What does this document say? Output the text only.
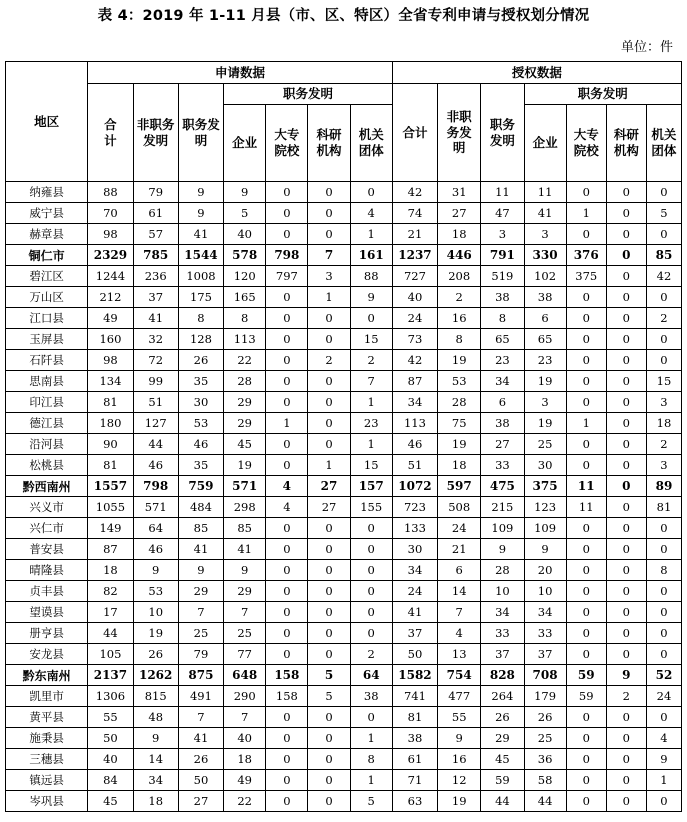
表 4：2019 年 1-11 月县（市、区、特区）全省专利申请与授权划分情况
单位：件
地区	申请数据							授权数据						

	合计	非职务发明	职务发明	职务发明				合计	非职务发明	职务发明	职务发明			

				企业	大专院校	科研机构	机关团体				企业	大专院校	科研机构	机关团体

纳雍县	88	79	9	9	0	0	0	42	31	11	11	0	0	0
威宁县	70	61	9	5	0	0	4	74	27	47	41	1	0	5
赫章县	98	57	41	40	0	0	1	21	18	3	3	0	0	0
铜仁市	2329	785	1544	578	798	7	161	1237	446	791	330	376	0	85
碧江区	1244	236	1008	120	797	3	88	727	208	519	102	375	0	42
万山区	212	37	175	165	0	1	9	40	2	38	38	0	0	0
江口县	49	41	8	8	0	0	0	24	16	8	6	0	0	2
玉屏县	160	32	128	113	0	0	15	73	8	65	65	0	0	0
石阡县	98	72	26	22	0	2	2	42	19	23	23	0	0	0
思南县	134	99	35	28	0	0	7	87	53	34	19	0	0	15
印江县	81	51	30	29	0	0	1	34	28	6	3	0	0	3
德江县	180	127	53	29	1	0	23	113	75	38	19	1	0	18
沿河县	90	44	46	45	0	0	1	46	19	27	25	0	0	2
松桃县	81	46	35	19	0	1	15	51	18	33	30	0	0	3
黔西南州	1557	798	759	571	4	27	157	1072	597	475	375	11	0	89
兴义市	1055	571	484	298	4	27	155	723	508	215	123	11	0	81
兴仁市	149	64	85	85	0	0	0	133	24	109	109	0	0	0
普安县	87	46	41	41	0	0	0	30	21	9	9	0	0	0
晴隆县	18	9	9	9	0	0	0	34	6	28	20	0	0	8
贞丰县	82	53	29	29	0	0	0	24	14	10	10	0	0	0
望谟县	17	10	7	7	0	0	0	41	7	34	34	0	0	0
册亨县	44	19	25	25	0	0	0	37	4	33	33	0	0	0
安龙县	105	26	79	77	0	0	2	50	13	37	37	0	0	0
黔东南州	2137	1262	875	648	158	5	64	1582	754	828	708	59	9	52
凯里市	1306	815	491	290	158	5	38	741	477	264	179	59	2	24
黄平县	55	48	7	7	0	0	0	81	55	26	26	0	0	0
施秉县	50	9	41	40	0	0	1	38	9	29	25	0	0	4
三穗县	40	14	26	18	0	0	8	61	16	45	36	0	0	9
镇远县	84	34	50	49	0	0	1	71	12	59	58	0	0	1
岑巩县	45	18	27	22	0	0	5	63	19	44	44	0	0	0
